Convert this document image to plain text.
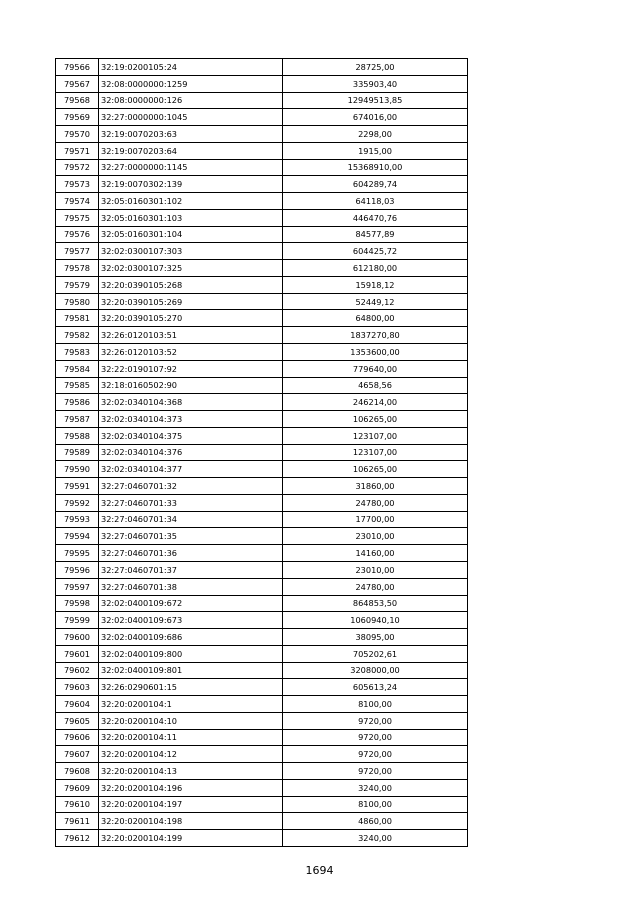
79566	32:19:0200105:24	28725,00
79567	32:08:0000000:1259	335903,40
79568	32:08:0000000:126	12949513,85
79569	32:27:0000000:1045	674016,00
79570	32:19:0070203:63	2298,00
79571	32:19:0070203:64	1915,00
79572	32:27:0000000:1145	15368910,00
79573	32:19:0070302:139	604289,74
79574	32:05:0160301:102	64118,03
79575	32:05:0160301:103	446470,76
79576	32:05:0160301:104	84577,89
79577	32:02:0300107:303	604425,72
79578	32:02:0300107:325	612180,00
79579	32:20:0390105:268	15918,12
79580	32:20:0390105:269	52449,12
79581	32:20:0390105:270	64800,00
79582	32:26:0120103:51	1837270,80
79583	32:26:0120103:52	1353600,00
79584	32:22:0190107:92	779640,00
79585	32:18:0160502:90	4658,56
79586	32:02:0340104:368	246214,00
79587	32:02:0340104:373	106265,00
79588	32:02:0340104:375	123107,00
79589	32:02:0340104:376	123107,00
79590	32:02:0340104:377	106265,00
79591	32:27:0460701:32	31860,00
79592	32:27:0460701:33	24780,00
79593	32:27:0460701:34	17700,00
79594	32:27:0460701:35	23010,00
79595	32:27:0460701:36	14160,00
79596	32:27:0460701:37	23010,00
79597	32:27:0460701:38	24780,00
79598	32:02:0400109:672	864853,50
79599	32:02:0400109:673	1060940,10
79600	32:02:0400109:686	38095,00
79601	32:02:0400109:800	705202,61
79602	32:02:0400109:801	3208000,00
79603	32:26:0290601:15	605613,24
79604	32:20:0200104:1	8100,00
79605	32:20:0200104:10	9720,00
79606	32:20:0200104:11	9720,00
79607	32:20:0200104:12	9720,00
79608	32:20:0200104:13	9720,00
79609	32:20:0200104:196	3240,00
79610	32:20:0200104:197	8100,00
79611	32:20:0200104:198	4860,00
79612	32:20:0200104:199	3240,00
1694
